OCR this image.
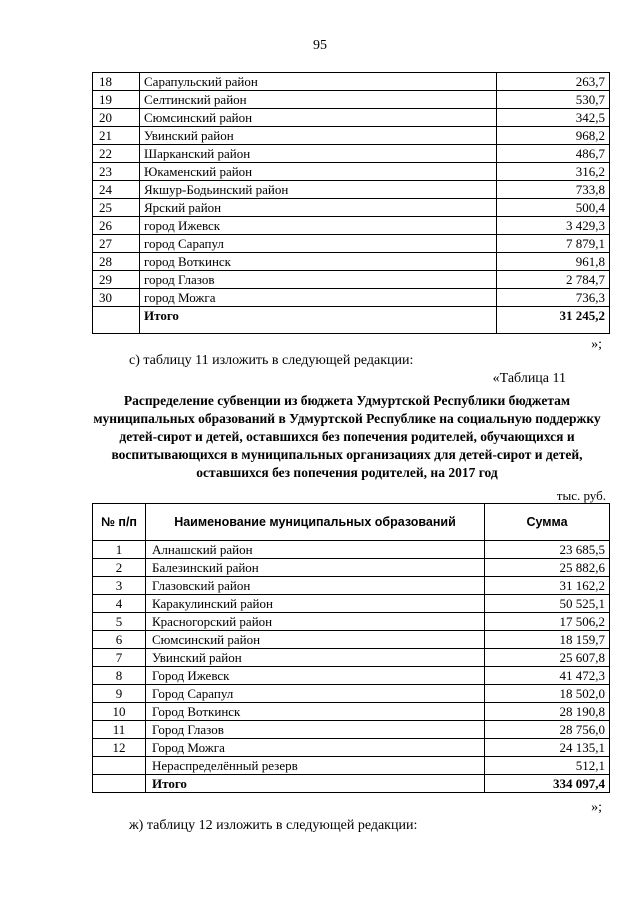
95
18	Сарапульский район	263,7
19	Селтинский район	530,7
20	Сюмсинский район	342,5
21	Увинский район	968,2
22	Шарканский район	486,7
23	Юкаменский район	316,2
24	Якшур-Бодьинский район	733,8
25	Ярский район	500,4
26	город Ижевск	3 429,3
27	город Сарапул	7 879,1
28	город Воткинск	961,8
29	город Глазов	2 784,7
30	город Можга	736,3
	Итого	31 245,2
»;
с) таблицу 11 изложить в следующей редакции:
«Таблица 11
Распределение субвенции из бюджета Удмуртской Республики бюджетам муниципальных образований в Удмуртской Республике на социальную поддержку детей-сирот и детей, оставшихся без попечения родителей, обучающихся и воспитывающихся в муниципальных организациях для детей-сирот и детей, оставшихся без попечения родителей, на 2017 год
тыс. руб.
№ п/п	Наименование муниципальных образований	Сумма
1	Алнашский район	23 685,5
2	Балезинский район	25 882,6
3	Глазовский район	31 162,2
4	Каракулинский район	50 525,1
5	Красногорский район	17 506,2
6	Сюмсинский район	18 159,7
7	Увинский район	25 607,8
8	Город Ижевск	41 472,3
9	Город Сарапул	18 502,0
10	Город Воткинск	28 190,8
11	Город Глазов	28 756,0
12	Город Можга	24 135,1
	Нераспределённый резерв	512,1
	Итого	334 097,4
»;
ж) таблицу 12 изложить в следующей редакции:
